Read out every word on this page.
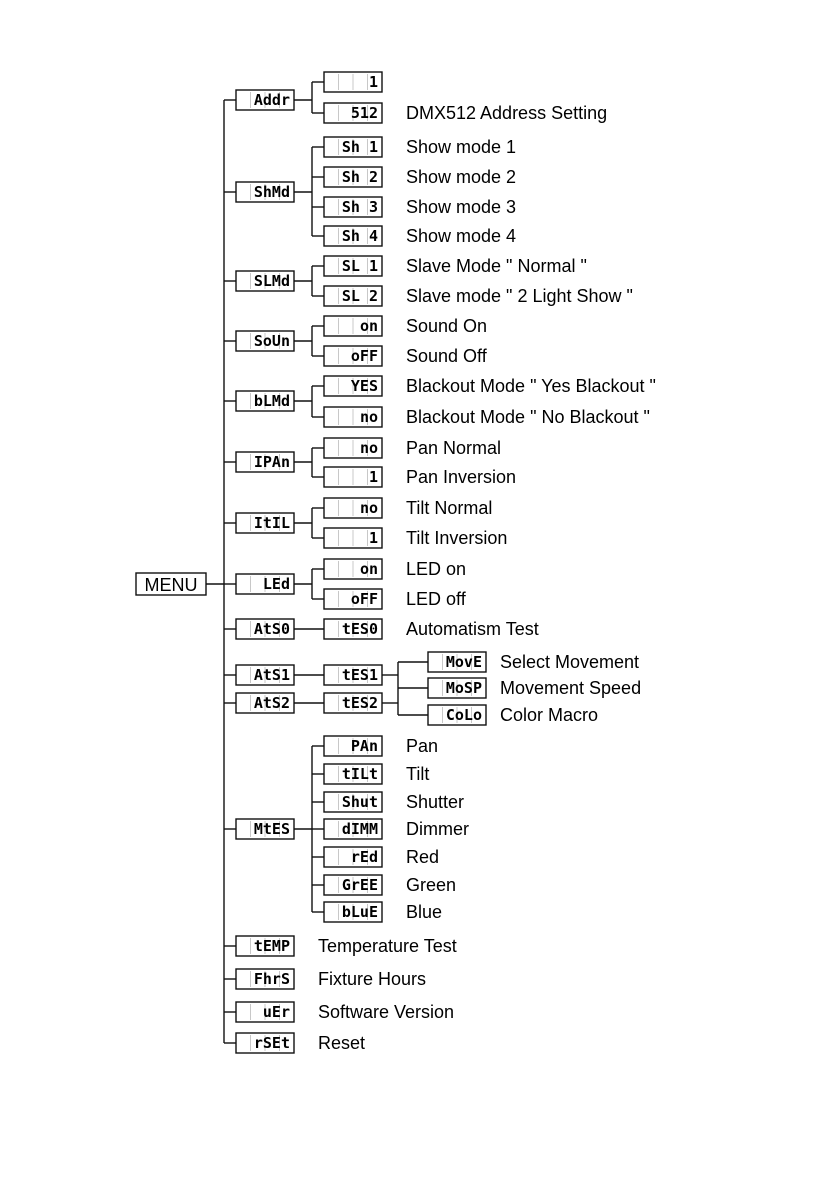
MENU
Addr
1
512 DMX512 Address Setting
ShMd
Sh 1 Show mode 1
Sh 2 Show mode 2
Sh 3 Show mode 3
Sh 4 Show mode 4
SLMd
SL 1 Slave Mode " Normal "
SL 2 Slave mode " 2 Light Show "
SoUn
on Sound On
oFF Sound Off
bLMd
YES Blackout Mode " Yes Blackout "
no Blackout Mode " No Blackout "
IPAn
no Pan Normal
1 Pan Inversion
ItIL
no Tilt Normal
1 Tilt Inversion
LEd
on LED on
oFF LED off
AtS0	tES0 Automatism Test
AtS1	tES1
AtS2	tES2
MtES
PAn Pan
tILt Tilt
Shut Shutter
dIMM Dimmer
rEd Red
GrEE Green
bLuE Blue
tEMP Temperature Test
FhrS Fixture Hours
uEr Software Version
rSEt Reset
MovE Select Movement
MoSP Movement Speed
CoLo Color Macro
